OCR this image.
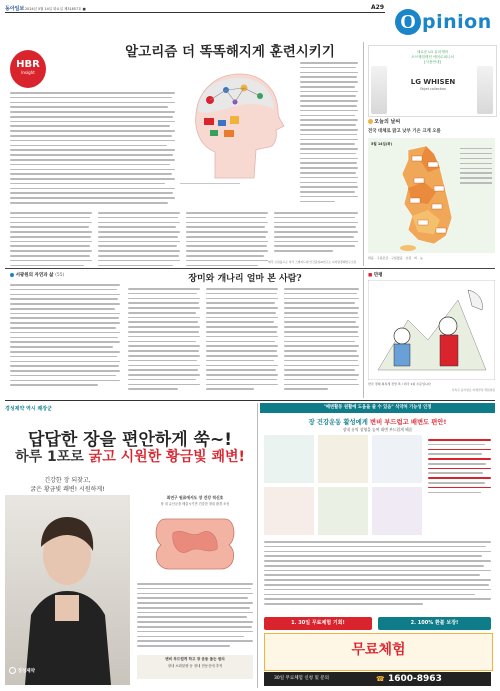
동아일보 2024년 5월 14일 화요일 제31857호 ■	A29
O pinion
HBR
Insight
알고리즘 더 똑똑해지게 훈련시키기
에릭 브린욜프슨 미국 스탠퍼드대 인간중심AI연구소 디지털경제연구소장
새로운 LG 퓨리케어
오브제컬렉션 에어로퍼니처
[사용안내]
LG WHISEN
Objet collection
오늘의 날씨
전국 대체로 맑고 낮부 기온 크게 오름
5월 14일(화)
맑음 · 구름조금 · 구름많음 · 흐림 · 비 · 눈
서광원의 자연과 삶 (55)	장미와 개나리 얼마 본 사람?	■ 만평
한국 경제 회복세 전망 쏙 / 외국 1위 수준입니다
서복우 동아일보 미래전략 객원위원
경성제약 역시 쾌장군
답답한 장을 편안하게 쑥~!
하루 1포로 굵고 시원한 황금빛 쾌변!
긴강한 장 되찾고,
굵은 황금빛 쾌변! 시원하게!
경성제약
최연구 원료에서도 장 건강 적신호
장 내 유산균을 배출시키면 건강한 장내 환경 조성
변비 부드럽게 하고 장 운동 돕는 원리
장내 소화불량 동 장내 현동증에 추적
"배변활동 원활에 도움을 줄 수 있음" 식약처 기능성 인정
장 건강운동 활성에게 변비 부드럽고 배변도 편안!
장내 유익 창영을 높여 대변 부드럽게 해줌
1. 30일 무료체험 기회!	2. 100% 환불 보장!
무료체험
30일 무료체험 신청 및 문의	☎ 1600-8963
